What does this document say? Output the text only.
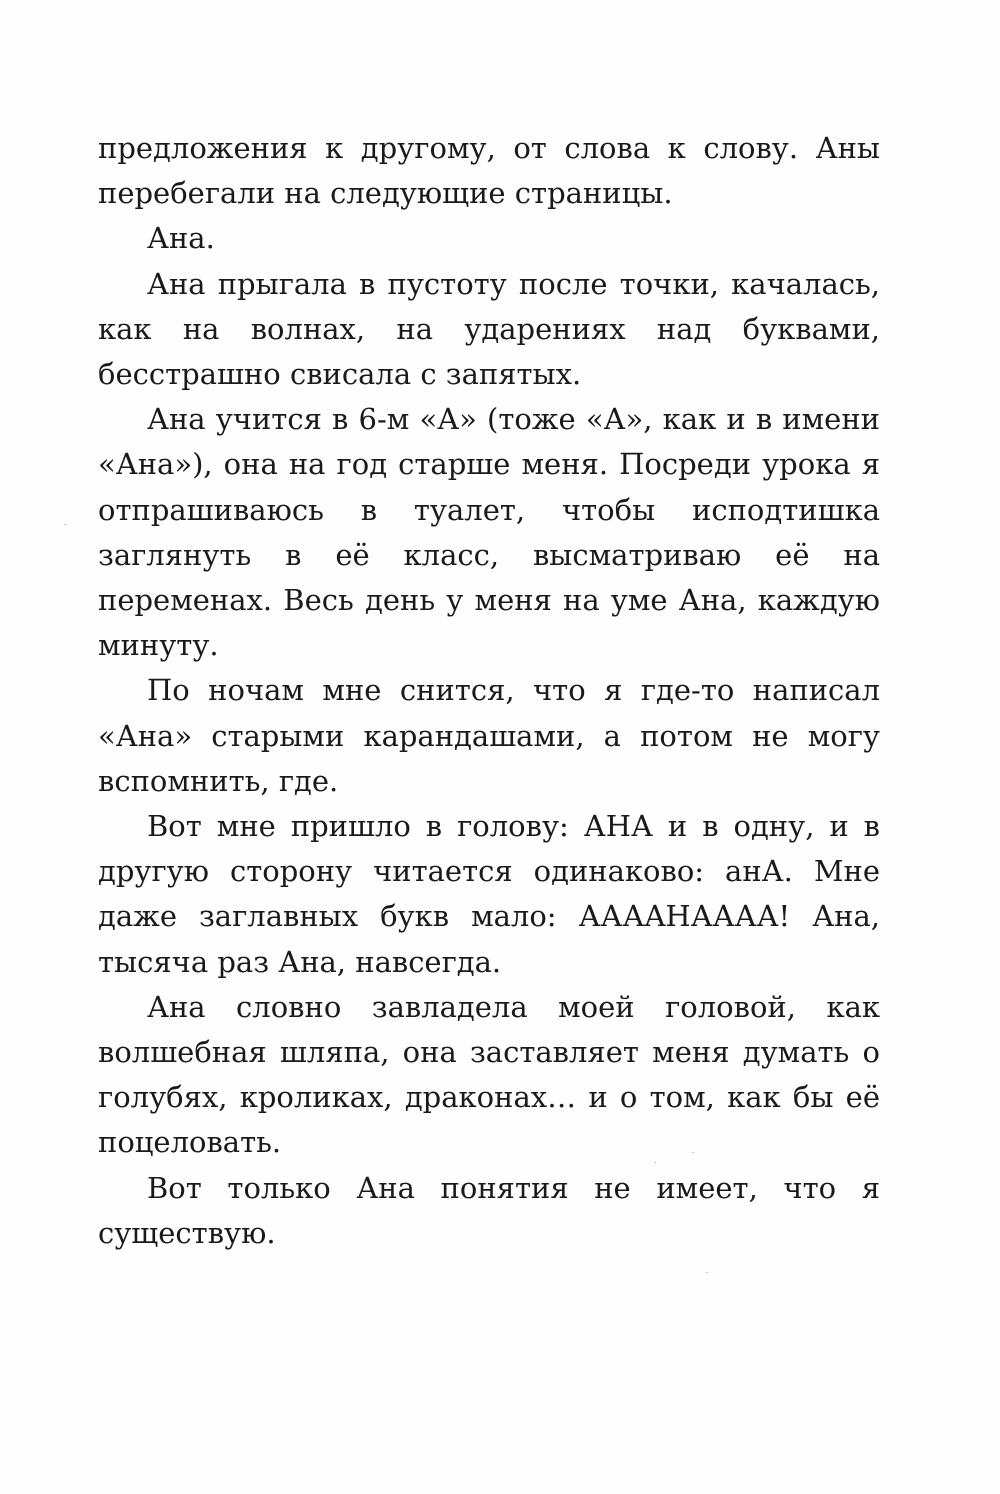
предложения к другому, от слова к слову. Аны перебегали на следующие страницы.

Ана.

Ана прыгала в пустоту после точки, качалась, как на волнах, на ударениях над буквами, бесстрашно свисала с запятых.

Ана учится в 6-м «А» (тоже «А», как и в имени «Ана»), она на год старше меня. Посреди урока я отпрашиваюсь в туалет, чтобы исподтишка заглянуть в её класс, высматриваю её на переменах. Весь день у меня на уме Ана, каждую минуту.

По ночам мне снится, что я где-то написал «Ана» старыми карандашами, а потом не могу вспомнить, где.

Вот мне пришло в голову: АНА и в одну, и в другую сторону читается одинаково: анА. Мне даже заглавных букв мало: АААAНАААА! Ана, тысяча раз Ана, навсегда.

Ана словно завладела моей головой, как волшебная шляпа, она заставляет меня думать о голубях, кроликах, драконах… и о том, как бы её поцеловать.

Вот только Ана понятия не имеет, что я существую.
